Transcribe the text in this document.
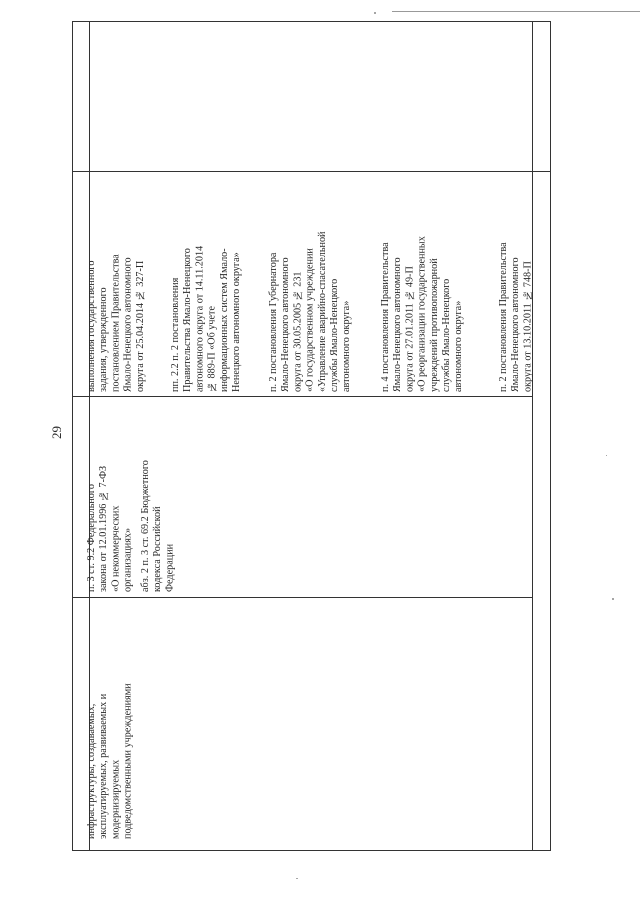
29
инфраструктуры, создаваемых,
эксплуатируемых, развиваемых и
модернизируемых
подведомственными учреждениями
п. 3 ст. 9.2 Федерального
закона от 12.01.1996 № 7-ФЗ
«О некоммерческих
организациях» абз. 2 п. 3 ст. 69.2 Бюджетного
кодекса Российской
Федерации
выполнения государственного
задания, утвержденного
постановлением Правительства
Ямало-Ненецкого автономного
округа от 25.04.2014 № 327-П
пп. 2.2 п. 2 постановления
Правительства Ямало-Ненецкого
автономного округа от 14.11.2014
№ 889-П «Об учете
информационных систем Ямало-
Ненецкого автономного округа»
п. 2 постановления Губернатора
Ямало-Ненецкого автономного
округа от 30.05.2005 № 231
«О государственном учреждении
«Управление аварийно-спасательной
службы Ямало-Ненецкого
автономного округа»
п. 4 постановления Правительства
Ямало-Ненецкого автономного
округа от 27.01.2011 № 49-П
«О реорганизации государственных
учреждений противопожарной
службы Ямало-Ненецкого
автономного округа»
п. 2 постановления Правительства
Ямало-Ненецкого автономного
округа от 13.10.2011 № 748-П
